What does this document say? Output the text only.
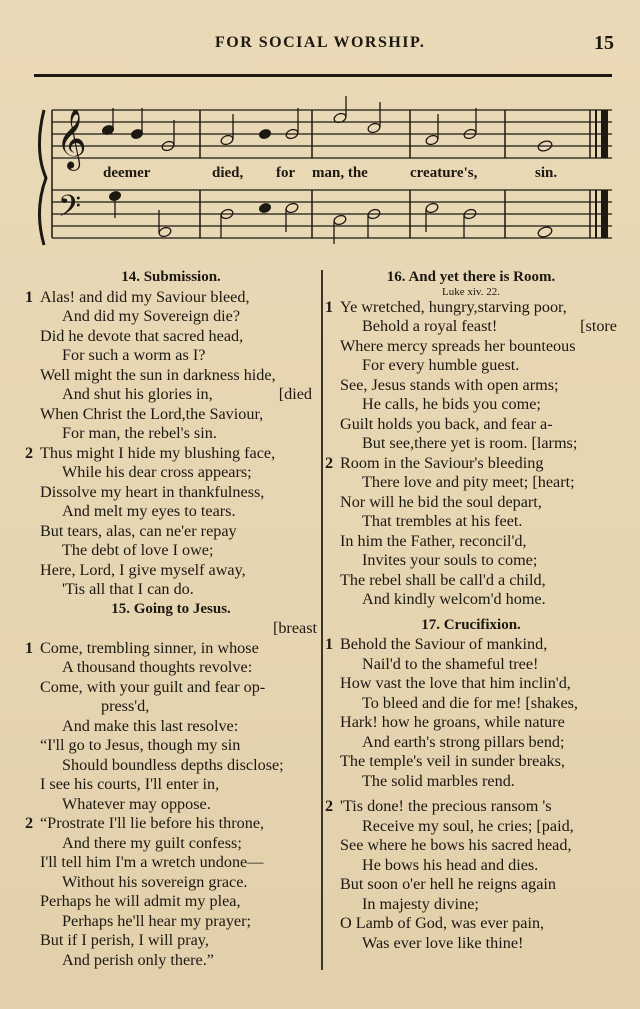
FOR SOCIAL WORSHIP.	15
𝄞
𝄢
deemer	died, for man, the	creature's,	sin.
14. Submission.
1 Alas! and did my Saviour bleed,
And did my Sovereign die?
Did he devote that sacred head,
For such a worm as I?
Well might the sun in darkness hide,
And shut his glories in,	[died
When Christ the Lord,the Saviour,
For man, the rebel's sin.
2 Thus might I hide my blushing face,
While his dear cross appears;
Dissolve my heart in thankfulness,
And melt my eyes to tears.
But tears, alas, can ne'er repay
The debt of love I owe;
Here, Lord, I give myself away,
'Tis all that I can do.
15. Going to Jesus.
[breast
1 Come, trembling sinner, in whose
A thousand thoughts revolve:
Come, with your guilt and fear op-
press'd,
And make this last resolve:
“I'll go to Jesus, though my sin
Should boundless depths disclose;
I see his courts, I'll enter in,
Whatever may oppose.
2 “Prostrate I'll lie before his throne,
And there my guilt confess;
I'll tell him I'm a wretch undone—
Without his sovereign grace.
Perhaps he will admit my plea,
Perhaps he'll hear my prayer;
But if I perish, I will pray,
And perish only there.”
16. And yet there is Room.
Luke xiv. 22.
1 Ye wretched, hungry,starving poor,
Behold a royal feast!	[store
Where mercy spreads her bounteous
For every humble guest.
See, Jesus stands with open arms;
He calls, he bids you come;
Guilt holds you back, and fear a-
But see,there yet is room. [larms;
2 Room in the Saviour's bleeding
There love and pity meet; [heart;
Nor will he bid the soul depart,
That trembles at his feet.
In him the Father, reconcil'd,
Invites your souls to come;
The rebel shall be call'd a child,
And kindly welcom'd home.
17. Crucifixion.
1 Behold the Saviour of mankind,
Nail'd to the shameful tree!
How vast the love that him inclin'd,
To bleed and die for me! [shakes,
Hark! how he groans, while nature
And earth's strong pillars bend;
The temple's veil in sunder breaks,
The solid marbles rend.
2 'Tis done! the precious ransom 's
Receive my soul, he cries; [paid,
See where he bows his sacred head,
He bows his head and dies.
But soon o'er hell he reigns again
In majesty divine;
O Lamb of God, was ever pain,
Was ever love like thine!
